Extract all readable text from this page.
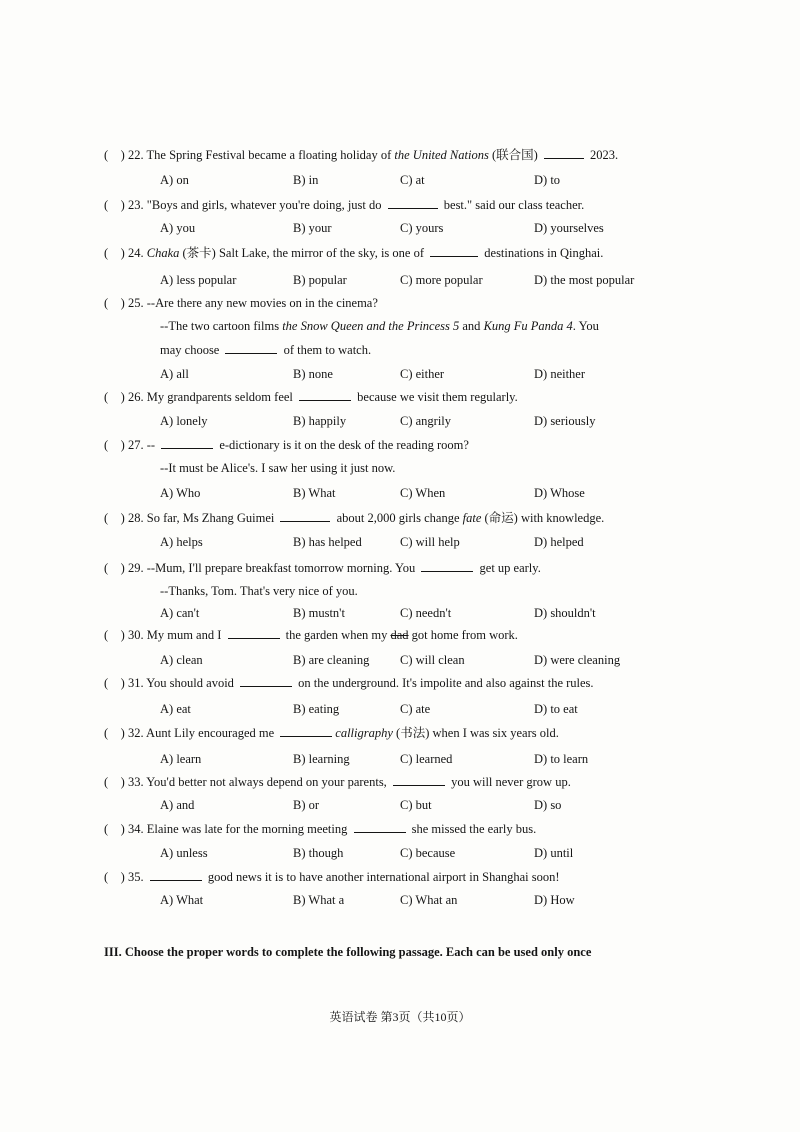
(    ) 22. The Spring Festival became a floating holiday of the United Nations (联合国)	2023.
A) on	B) in	C) at	D) to
(    ) 23. "Boys and girls, whatever you're doing, just do	best." said our class teacher.
A) you	B) your	C) yours	D) yourselves
(    ) 24. Chaka (茶卡) Salt Lake, the mirror of the sky, is one of	destinations in Qinghai.
A) less popular	B) popular	C) more popular	D) the most popular
(    ) 25. --Are there any new movies on in the cinema?
--The two cartoon films the Snow Queen and the Princess 5 and Kung Fu Panda 4. You
may choose	of them to watch.
A) all	B) none	C) either	D) neither
(    ) 26. My grandparents seldom feel	because we visit them regularly.
A) lonely	B) happily	C) angrily	D) seriously
(    ) 27. --	e-dictionary is it on the desk of the reading room?
--It must be Alice's. I saw her using it just now.
A) Who	B) What	C) When	D) Whose
(    ) 28. So far, Ms Zhang Guimei	about 2,000 girls change fate (命运) with knowledge.
A) helps	B) has helped	C) will help	D) helped
(    ) 29. --Mum, I'll prepare breakfast tomorrow morning. You	get up early.
--Thanks, Tom. That's very nice of you.
A) can't	B) mustn't	C) needn't	D) shouldn't
(    ) 30. My mum and I	the garden when my dad got home from work.
A) clean	B) are cleaning C) will clean	D) were cleaning
(    ) 31. You should avoid	on the underground. It's impolite and also against the rules.
A) eat	B) eating	C) ate	D) to eat
(    ) 32. Aunt Lily encouraged me	calligraphy (书法) when I was six years old.
A) learn	B) learning	C) learned	D) to learn
(    ) 33. You'd better not always depend on your parents,	you will never grow up.
A) and	B) or	C) but	D) so
(    ) 34. Elaine was late for the morning meeting	she missed the early bus.
A) unless	B) though	C) because	D) until
(    ) 35.	good news it is to have another international airport in Shanghai soon!
A) What	B) What a	C) What an	D) How
III. Choose the proper words to complete the following passage. Each can be used only once
英语试卷 第3页（共10页）
